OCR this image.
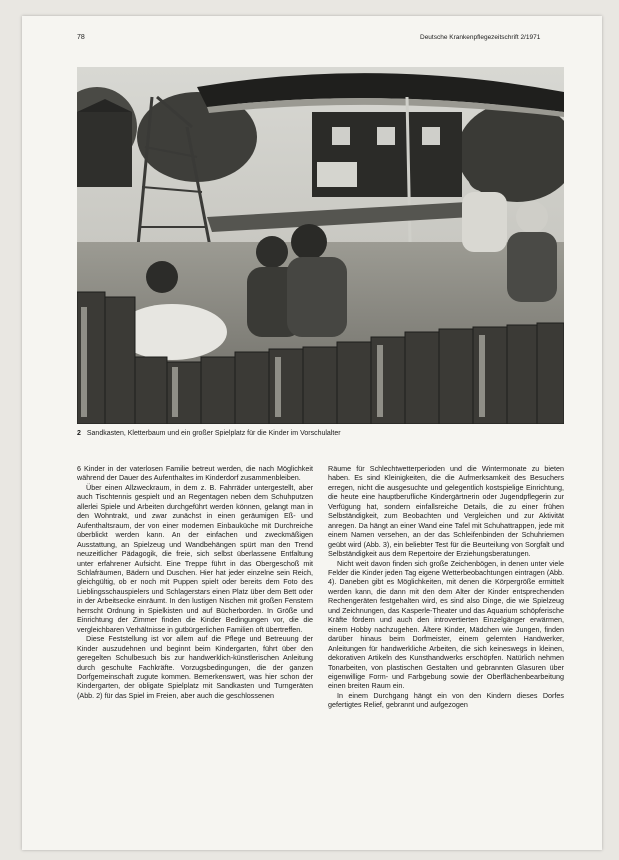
78	Deutsche Krankenpflegezeitschrift 2/1971
2 Sandkasten, Kletterbaum und ein großer Spielplatz für die Kinder im Vorschulalter

6 Kinder in der vaterlosen Familie betreut werden, die nach Möglichkeit während der Dauer des Aufenthaltes im Kinderdorf zusammenbleiben.

Über einen Allzweckraum, in dem z. B. Fahrräder untergestellt, aber auch Tischtennis gespielt und an Regentagen neben dem Schuhputzen allerlei Spiele und Arbeiten durchgeführt werden können, gelangt man in den Wohntrakt, und zwar zunächst in einen geräumigen Eß- und Aufenthaltsraum, der von einer modernen Einbauküche mit Durchreiche überblickt werden kann. An der einfachen und zweckmäßigen Ausstattung, an Spielzeug und Wandbehängen spürt man den Trend neuzeitlicher Pädagogik, die freie, sich selbst überlassene Entfaltung unter erfahrener Aufsicht. Eine Treppe führt in das Obergeschoß mit Schlafräumen, Bädern und Duschen. Hier hat jeder einzelne sein Reich, gleichgültig, ob er noch mit Puppen spielt oder bereits dem Foto des Lieblingsschauspielers und Schlagerstars einen Platz über dem Bett oder in der Arbeitsecke einräumt. In den lustigen Nischen mit großen Fenstern herrscht Ordnung in Spielkisten und auf Bücherborden. In Größe und Einrichtung der Zimmer finden die Kinder Bedingungen vor, die die vergleichbaren Verhältnisse in gutbürgerlichen Familien oft übertreffen.

Diese Feststellung ist vor allem auf die Pflege und Betreuung der Kinder auszudehnen und beginnt beim Kindergarten, führt über den geregelten Schulbesuch bis zur handwerklich-künstlerischen Anleitung durch geschulte Fachkräfte. Vorzugsbedingungen, die der ganzen Dorfgemeinschaft zugute kommen. Bemerkenswert, was hier schon der Kindergarten, der obligate Spielplatz mit Sandkasten und Turngeräten (Abb. 2) für das Spiel im Freien, aber auch die geschlossenen

Räume für Schlechtwetterperioden und die Wintermonate zu bieten haben. Es sind Kleinigkeiten, die die Aufmerksamkeit des Besuchers erregen, nicht die ausgesuchte und gelegentlich kostspielige Einrichtung, die heute eine hauptberufliche Kindergärtnerin oder Jugendpflegerin zur Verfügung hat, sondern einfallsreiche Details, die zu einer frühen Selbständigkeit, zum Beobachten und Vergleichen und zur Aktivität anregen. Da hängt an einer Wand eine Tafel mit Schuhattrappen, jede mit einem Namen versehen, an der das Schleifenbinden der Schuhriemen geübt wird (Abb. 3), ein beliebter Test für die Beurteilung von Sorgfalt und Selbständigkeit aus dem Repertoire der Erziehungsberatungen.

Nicht weit davon finden sich große Zeichenbögen, in denen unter viele Felder die Kinder jeden Tag eigene Wetterbeobachtungen eintragen (Abb. 4). Daneben gibt es Möglichkeiten, mit denen die Körpergröße ermittelt werden kann, die dann mit den dem Alter der Kinder entsprechenden Rechengeräten festgehalten wird, es sind also Dinge, die wie Spielzeug und Zeichnungen, das Kasperle-Theater und das Aquarium schöpferische Kräfte fördern und auch den introvertierten Einzelgänger erwärmen, einem Hobby nachzugehen. Ältere Kinder, Mädchen wie Jungen, finden darüber hinaus beim Dorfmeister, einem gelernten Handwerker, Anleitungen für handwerkliche Arbeiten, die sich keineswegs in kleinen, dekorativen Artikeln des Kunsthandwerks erschöpfen. Natürlich nehmen Tonarbeiten, von plastischen Gestalten und gebrannten Glasuren über eigenwillige Form- und Farbgebung sowie der Oberflächenbearbeitung einen breiten Raum ein.

In einem Durchgang hängt ein von den Kindern dieses Dorfes gefertigtes Relief, gebrannt und aufgezogen
